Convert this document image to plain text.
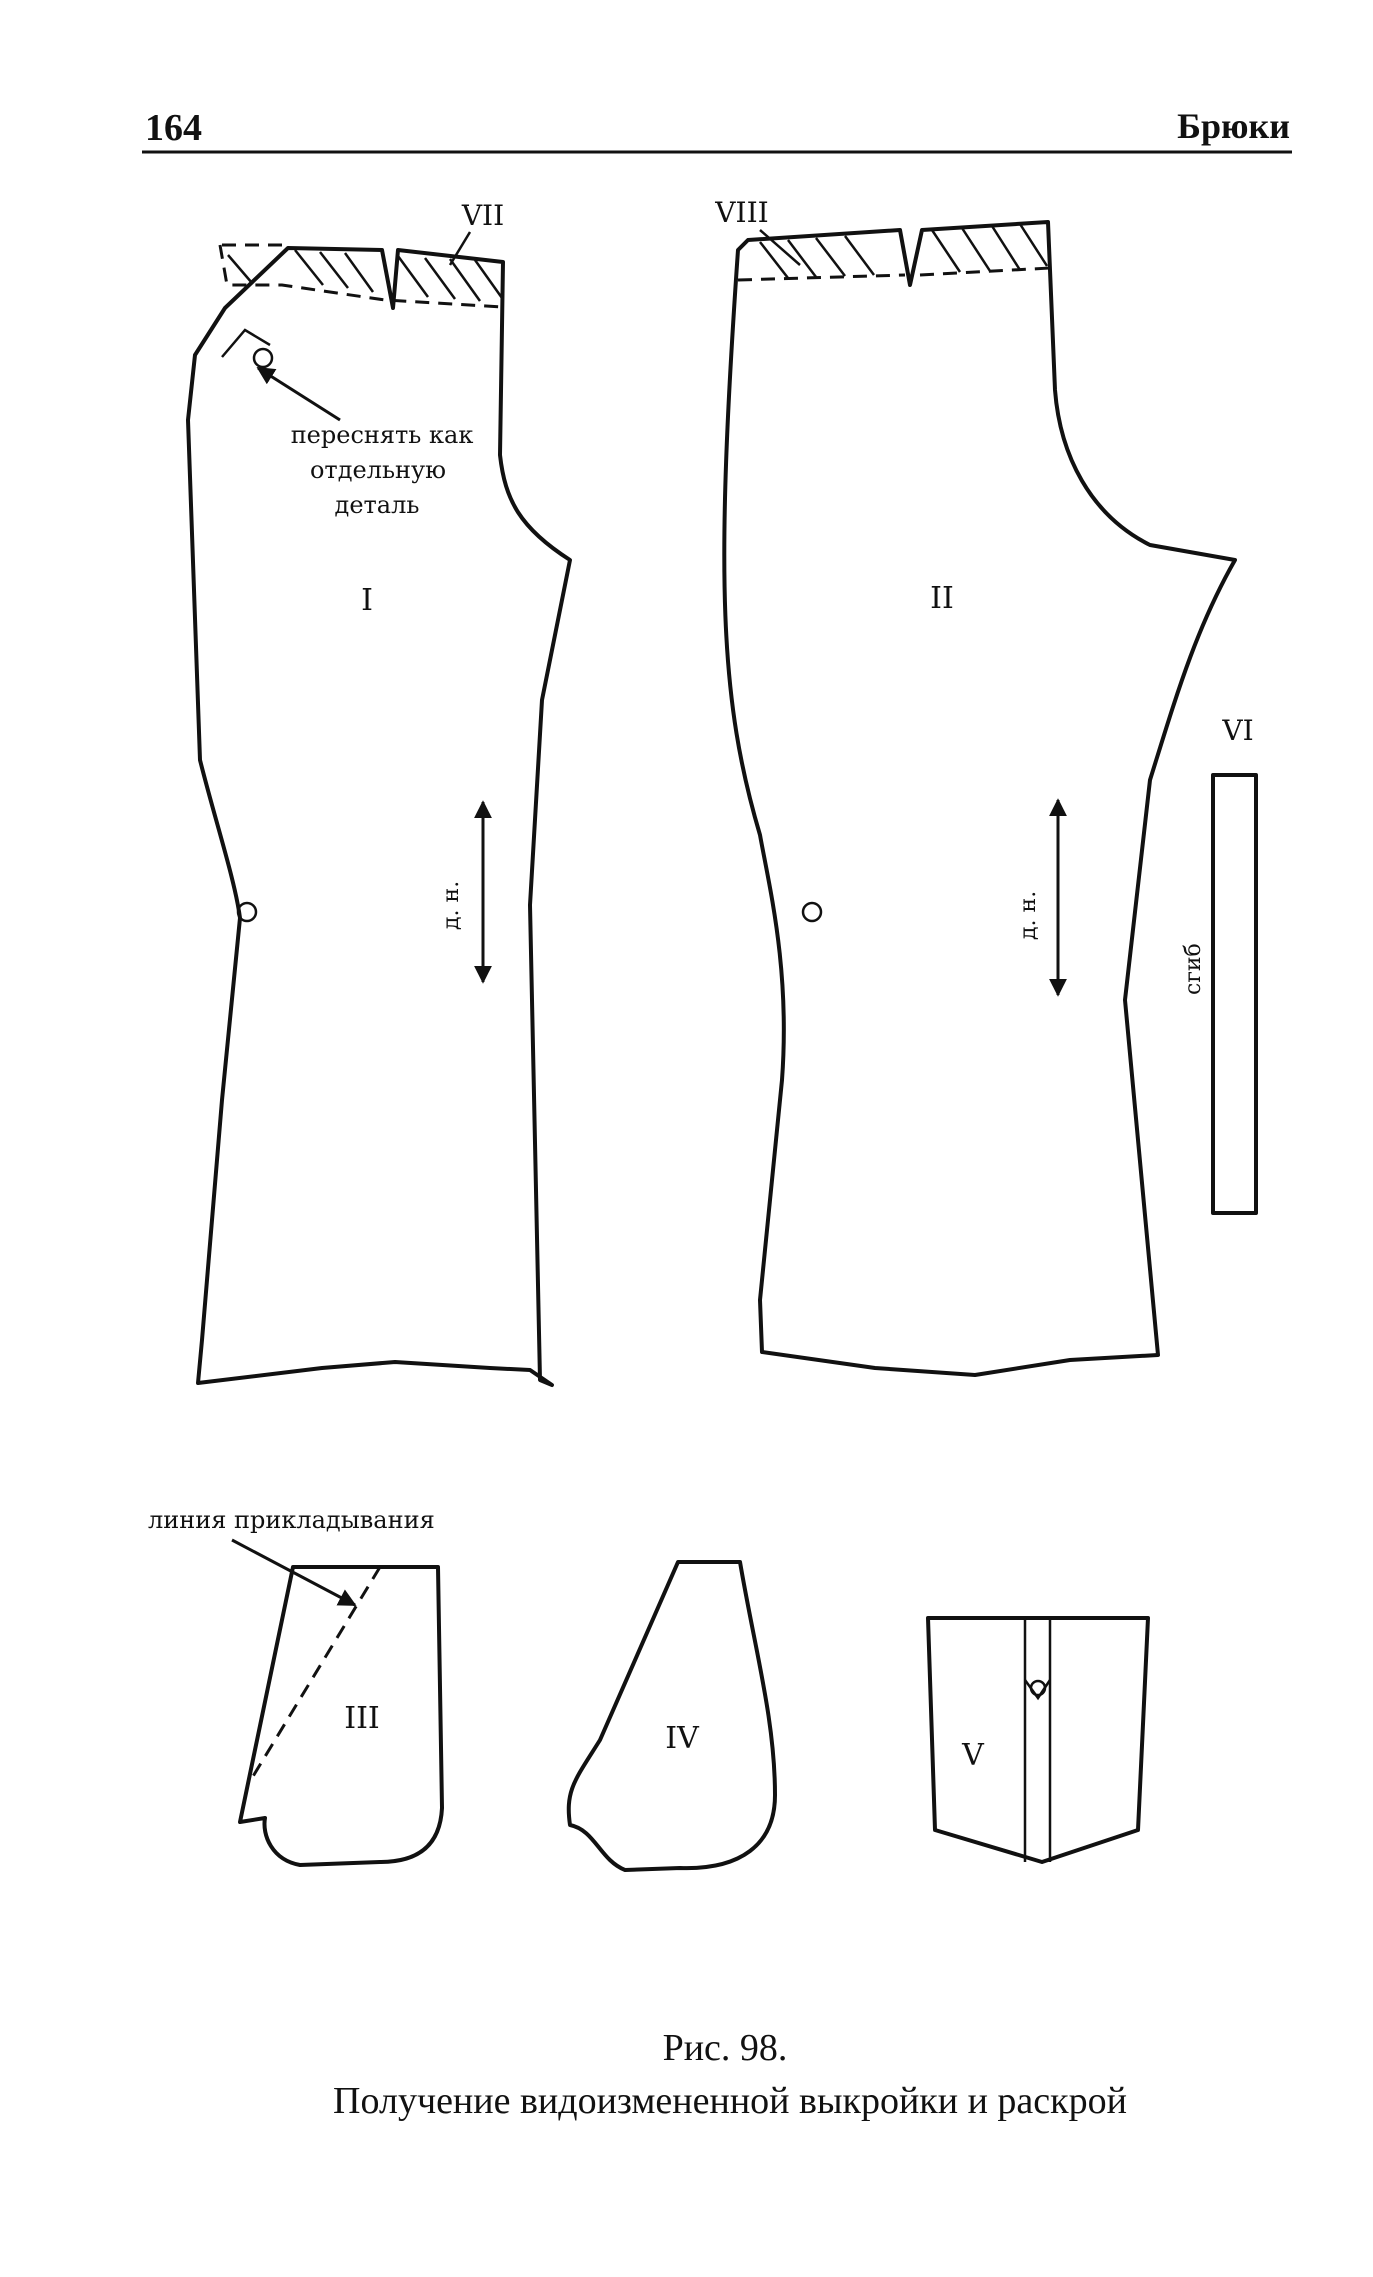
164	Брюки
переснять как
отдельную
деталь
I
VII
д. н.
II
VIII
д. н.
VI
сгиб
линия прикладывания
III
IV	V
Рис. 98.
Получение видоизмененной выкройки и раскрой
